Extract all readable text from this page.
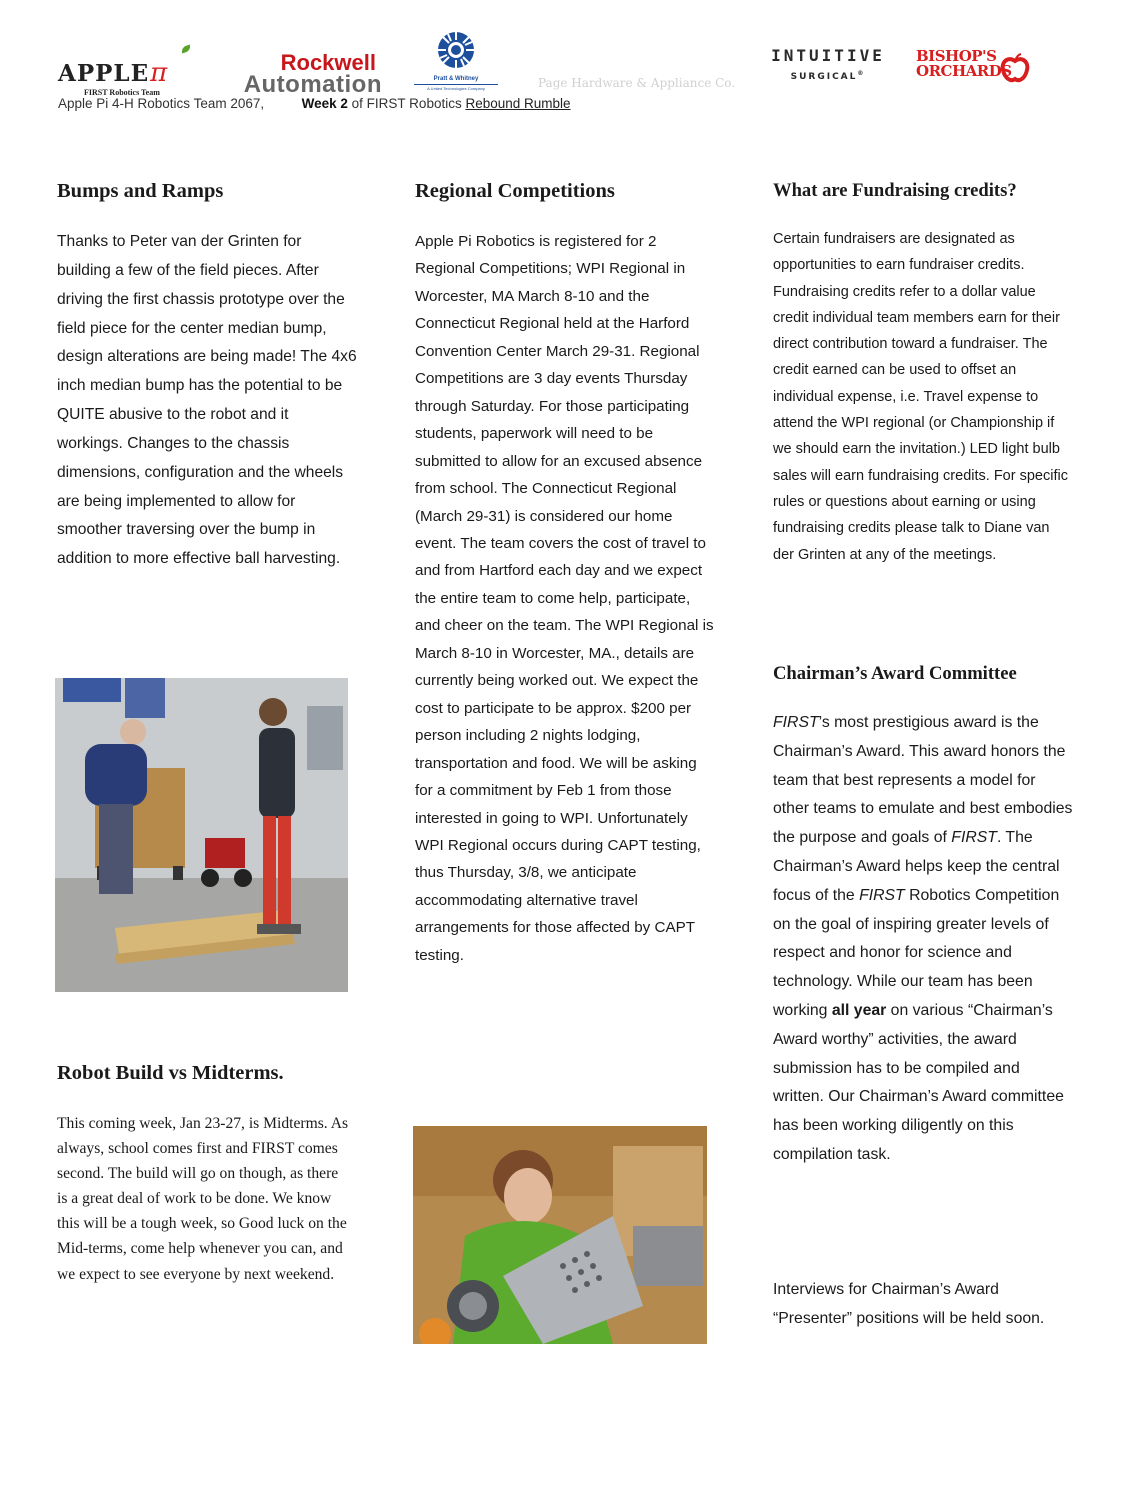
APPLEπ
FIRST Robotics Team
Rockwell
Automation	Pratt & Whitney
A United Technologies Company	Page Hardware & Appliance Co.
INTUITIVE
SURGICAL®
BISHOP'S
ORCHARDS
Apple Pi 4-H Robotics Team 2067,	Week 2 of FIRST Robotics Rebound Rumble
Bumps and Ramps

Thanks to Peter van der Grinten for building a few of the field pieces. After driving the first chassis prototype over the field piece for the center median bump, design alterations are being made! The 4x6 inch median bump has the potential to be QUITE abusive to the robot and it workings. Changes to the chassis dimensions, configuration and the wheels are being implemented to allow for smoother traversing over the bump in addition to more effective ball harvesting.

Robot Build vs Midterms.

This coming week, Jan 23-27, is Midterms. As always, school comes first and FIRST comes second. The build will go on though, as there is a great deal of work to be done. We know this will be a tough week, so Good luck on the Mid-terms, come help whenever you can, and we expect to see everyone by next weekend.

Regional Competitions

Apple Pi Robotics is registered for 2 Regional Competitions; WPI Regional in Worcester, MA March 8-10 and the Connecticut Regional held at the Harford Convention Center March 29-31. Regional Competitions are 3 day events Thursday through Saturday. For those participating students, paperwork will need to be submitted to allow for an excused absence from school. The Connecticut Regional (March 29-31) is considered our home event. The team covers the cost of travel to and from Hartford each day and we expect the entire team to come help, participate, and cheer on the team. The WPI Regional is March 8-10 in Worcester, MA., details are currently being worked out. We expect the cost to participate to be approx. $200 per person including 2 nights lodging, transportation and food. We will be asking for a commitment by Feb 1 from those interested in going to WPI. Unfortunately WPI Regional occurs during CAPT testing, thus Thursday, 3/8, we anticipate accommodating alternative travel arrangements for those affected by CAPT testing.

What are Fundraising credits?

Certain fundraisers are designated as opportunities to earn fundraiser credits. Fundraising credits refer to a dollar value credit individual team members earn for their direct contribution toward a fundraiser. The credit earned can be used to offset an individual expense, i.e. Travel expense to attend the WPI regional (or Championship if we should earn the invitation.) LED light bulb sales will earn fundraising credits. For specific rules or questions about earning or using fundraising credits please talk to Diane van der Grinten at any of the meetings.

Chairman’s Award Committee

FIRST’s most prestigious award is the Chairman’s Award. This award honors the team that best represents a model for other teams to emulate and best embodies the purpose and goals of FIRST. The Chairman’s Award helps keep the central focus of the FIRST Robotics Competition on the goal of inspiring greater levels of respect and honor for science and technology. While our team has been working all year on various “Chairman’s Award worthy” activities, the award submission has to be compiled and written. Our Chairman’s Award committee has been working diligently on this compilation task.

Interviews for Chairman’s Award “Presenter” positions will be held soon.
